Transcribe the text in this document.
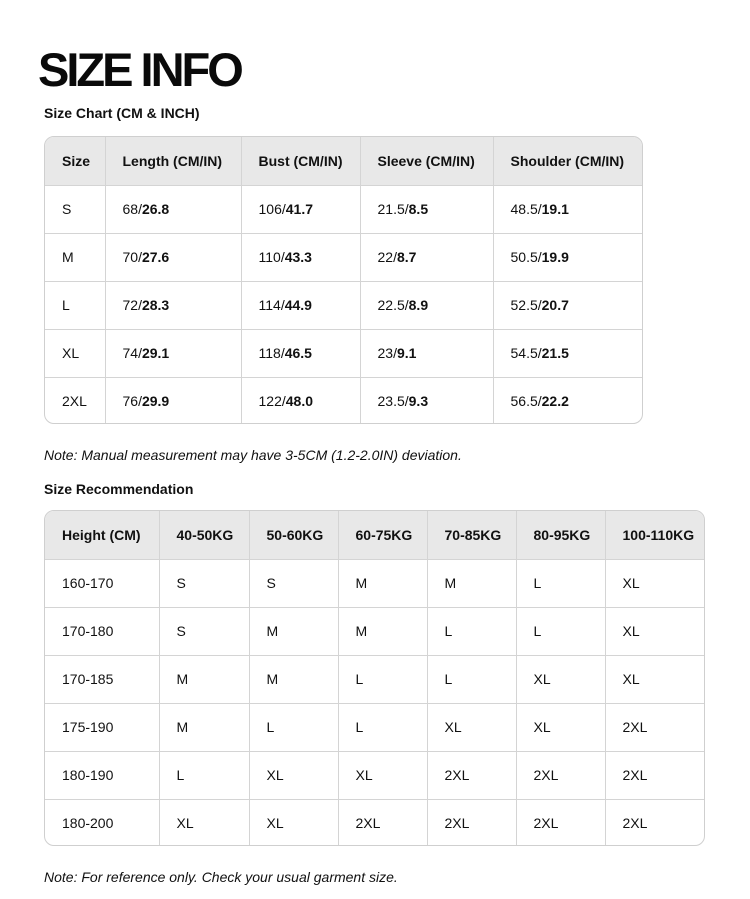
SIZE INFO
Size Chart (CM & INCH)
Size	Length (CM/IN)	Bust (CM/IN)	Sleeve (CM/IN)	Shoulder (CM/IN)
S	68/26.8	106/41.7	21.5/8.5	48.5/19.1
M	70/27.6	110/43.3	22/8.7	50.5/19.9
L	72/28.3	114/44.9	22.5/8.9	52.5/20.7
XL	74/29.1	118/46.5	23/9.1	54.5/21.5
2XL	76/29.9	122/48.0	23.5/9.3	56.5/22.2
Note: Manual measurement may have 3-5CM (1.2-2.0IN) deviation.
Size Recommendation
Height (CM)	40-50KG	50-60KG	60-75KG	70-85KG	80-95KG	100-110KG
160-170	S	S	M	M	L	XL
170-180	S	M	M	L	L	XL
170-185	M	M	L	L	XL	XL
175-190	M	L	L	XL	XL	2XL
180-190	L	XL	XL	2XL	2XL	2XL
180-200	XL	XL	2XL	2XL	2XL	2XL
Note: For reference only. Check your usual garment size.
